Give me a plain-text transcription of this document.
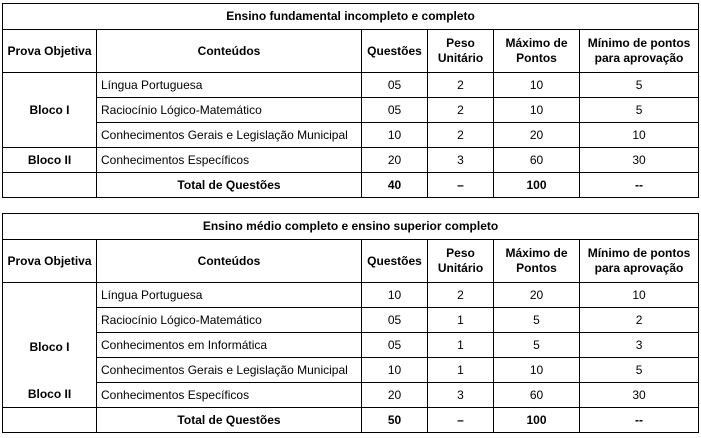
Ensino fundamental incompleto e completo					
Prova Objetiva	Conteúdos	Questões	Peso Unitário	Máximo de Pontos	Mínimo de pontos para aprovação
Bloco I	Língua Portuguesa	05	2	10	5
	Raciocínio Lógico-Matemático	05	2	10	5
	Conhecimentos Gerais e Legislação Municipal	10	2	20	10
Bloco II	Conhecimentos Específicos	20	3	60	30
	Total de Questões	40	–	100	--
Ensino médio completo e ensino superior completo					
Prova Objetiva	Conteúdos	Questões	Peso Unitário	Máximo de Pontos	Mínimo de pontos para aprovação
Bloco I	Língua Portuguesa	10	2	20	10
	Raciocínio Lógico-Matemático	05	1	5	2
	Conhecimentos em Informática	05	1	5	3
	Conhecimentos Gerais e Legislação Municipal	10	1	10	5
Bloco II	Conhecimentos Específicos	20	3	60	30
	Total de Questões	50	–	100	--
